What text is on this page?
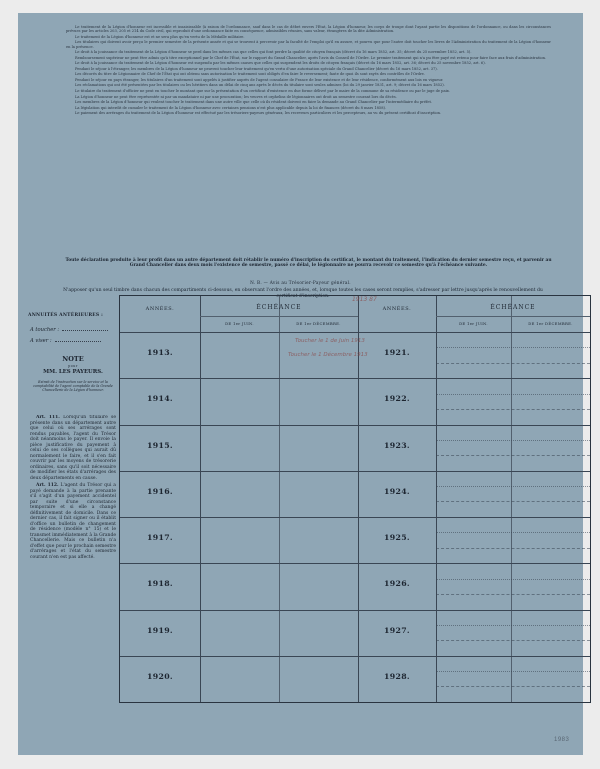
Le traitement de la Légion d'honneur est incessible et insaisissable (à raison de l'ordonnance, sauf dans le cas de débet envers l'État, la Légion d'honneur, les corps de troupe dont l'ayant partie les dispositions de l'ordonnance, ou dans les circonstances prévues par les articles 203, 205 et 214 du Code civil, qui reproduit d'une ordonnance faite en conséquence, admissibles réunies, sans valeur, étrangères de la dite Administration.

Le traitement de la Légion d'honneur est et ne sera plus qu'en vertu de la Médaille militaire.

Les titulaires qui doivent avoir perçu le premier semestre de la présente année et qui se trouvent à percevoir par la faculté de l'emploi qu'il en assure, et pourvu que pour l'autre doit toucher les livres de l'Administration du traitement de la Légion d'honneur en la présence.

Le droit à la jouissance du traitement de la Légion d'honneur se perd dans les mêmes cas que celles qui font perdre la qualité de citoyen français (décret du 16 mars 1852, art. 35; décret du 25 novembre 1852, art. 5).

Remboursement supérieur ne peut être admis qu'à titre exceptionnel par le Chef de l'État, sur le rapport du Grand Chancelier, après l'avis du Conseil de l'Ordre. Le premier traitement qui n'a pu être payé est retenu pour faire face aux frais d'administration.

Le droit à la jouissance du traitement de la Légion d'honneur est suspendu par les mêmes causes que celles qui suspendent les droits de citoyen français (décret du 16 mars 1852, art. 36; décret du 25 novembre 1852, art. 6).

Pendant le séjour à l'étranger, les membres de la Légion d'honneur ne peuvent toucher leur traitement qu'en vertu d'une autorisation spéciale du Grand Chancelier (décret du 16 mars 1852, art. 37).

Les décorés du titre de Légionnaire de Chef de l'État qui ont obtenu sans autorisation le traitement sont obligés d'en faire le reversement; faute de quoi ils sont rayés des contrôles de l'Ordre.

Pendant le séjour en pays étranger, les titulaires d'un traitement sont appelés à justifier auprès de l'agent consulaire de France de leur existence et de leur résidence, conformément aux lois en vigueur.

Les réclamations qui ont été présentées par les titulaires ou les héritiers dans un délai de cinq ans après le décès du titulaire sont seules admises (loi du 29 janvier 1831, art. 9; décret du 16 mars 1852).

Le titulaire du traitement d'officier ne peut en toucher le montant que sur la présentation d'un certificat d'existence en due forme délivré par le maire de la commune de sa résidence ou par le juge de paix.

La Légion d'honneur ne peut être représentée ni par un mandataire ni par une procuration; les veuves et orphelins de légionnaires ont droit au semestre courant lors du décès.

Les membres de la Légion d'honneur qui veulent toucher le traitement dans une autre ville que celle où ils résident doivent en faire la demande au Grand Chancelier par l'intermédiaire du préfet.

La législation qui interdit de cumuler le traitement de la Légion d'honneur avec certaines pensions n'est plus applicable depuis la loi de finances (décret du 8 mars 1858).

Le paiement des arrérages du traitement de la Légion d'honneur est effectué par les trésoriers-payeurs généraux, les receveurs particuliers et les percepteurs, au vu du présent certificat d'inscription.

Toute déclaration produite à leur profit dans un autre département doit rétablir le numéro d'inscription du certificat, le montant du traitement, l'indication du dernier semestre reçu, et parvenir au Grand Chancelier dans deux mois l'existence de semestre, passé ce délai, le légionnaire ne pourra recevoir ce semestre qu'à l'échéance suivante.
N. B. — Avis au Trésorier-Payeur général.
N'apposer qu'un seul timbre dans chacun des compartiments ci-dessous, en observant l'ordre des années, et, lorsque toutes les cases seront remplies, s'adresser par lettre jusqu'après le renouvellement du certificat d'inscription.
ANNUITÉS ANTÉRIEURES :
A toucher :
A viser :
NOTE
pour
MM. LES PAYEURS.
Extrait de l'instruction sur le service et la comptabilité de l'agent comptable de la Grande Chancellerie de la Légion d'honneur.

Art. 111. Lorsqu'un titulaire se présente dans un département autre que celui où ses arrérages sont rendus payables, l'agent du Trésor doit néanmoins le payer. Il envoie la pièce justificative du payement à celui de ses collègues qui aurait dû normalement le faire, et il s'en fait couvrir par les moyens de trésorerie ordinaires, sans qu'il soit nécessaire de modifier les états d'arrérages des deux départements en cause.

Art. 112. L'agent du Trésor qui a payé demande à la partie prenante s'il s'agit d'un payement accidentel par suite d'une circonstance temporaire et si elle a changé définitivement de domicile. Dans ce dernier cas, il fait signer ou il établit d'office un bulletin de changement de résidence (modèle n° 15) et le transmet immédiatement à la Grande Chancellerie. Mais ce bulletin n'a d'effet que pour le prochain semestre d'arrérages et l'état du semestre courant n'en est pas affecté.

ANNÉES.	ÉCHÉANCE
DE 1er JUIN.	DE 1er DÉCEMBRE.
ANNÉES.	ÉCHÉANCE
DE 1er JUIN.	DE 1er DÉCEMBRE.
1913.	1921.
1914.	1922.
1915.	1923.
1916.	1924.
1917.	1925.
1918.	1926.
1919.	1927.
1920.	1928.
Toucher le 1 de Juin 1913
Toucher le 1 Décembre 1913
1913 87
1983
